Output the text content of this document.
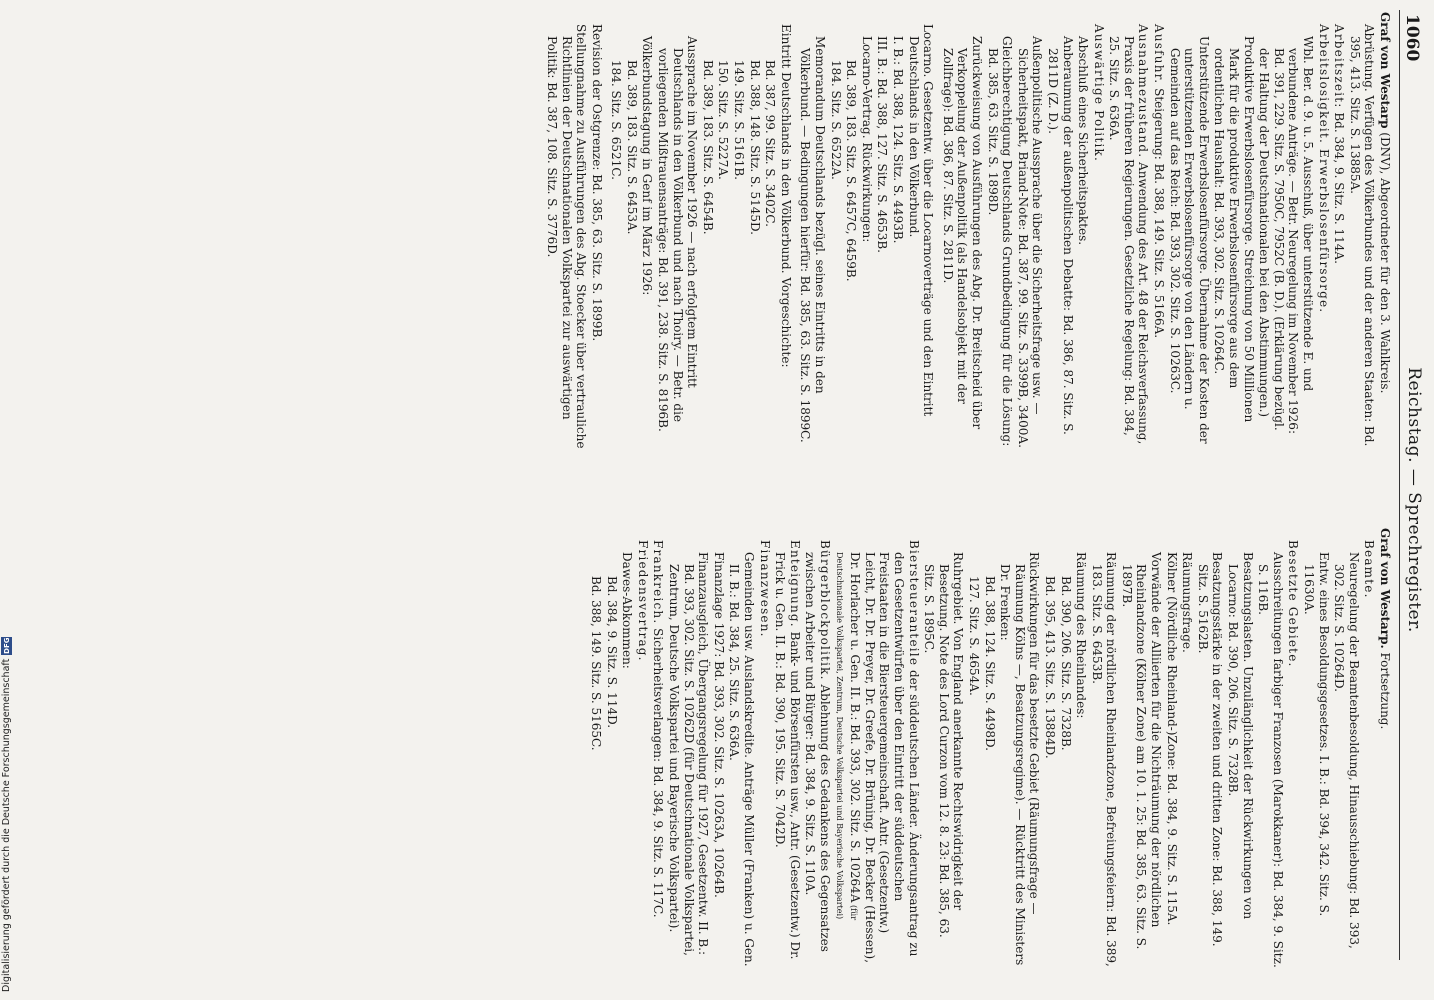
1060
Reichstag. — Sprechregister.
Graf von Westarp (DNV), Abgeordneter für den 3. Wahlkreis.
Abrüstung. Verfügen des Völkerbundes und der anderen Staaten: Bd. 395, 413. Sitz. S. 13885A.
Arbeitszeit: Bd. 384, 9. Sitz. S. 114A.
Arbeitslosigkeit. Erwerbslosenfürsorge.
Wbl. Ber. d. 9. u. 5. Ausschuß, über unterstützende E. und verbundene Anträge. — Betr. Neuregelung im November 1926: Bd. 391, 229. Sitz. S. 7950C, 7952C (B. D.). (Erklärung bezügl. der Haltung der Deutschnationalen bei den Abstimmungen.)
Produktive Erwerbslosenfürsorge. Streichung von 50 Millionen Mark für die produktive Erwerbslosenfürsorge aus dem ordentlichen Haushalt: Bd. 393, 302. Sitz. S. 10264C.
Unterstützende Erwerbslosenfürsorge. Übernahme der Kosten der unterstützenden Erwerbslosenfürsorge von den Ländern u. Gemeinden auf das Reich: Bd. 393, 302. Sitz. S. 10263C.
Ausfuhr. Steigerung: Bd. 388, 149. Sitz. S. 5166A.
Ausnahmezustand. Anwendung des Art. 48 der Reichsverfassung, Praxis der früheren Regierungen. Gesetzliche Regelung: Bd. 384, 25. Sitz. S. 636A.
Auswärtige Politik.
Abschluß eines Sicherheitspaktes.
Anberaumung der außenpolitischen Debatte: Bd. 386, 87. Sitz. S. 2811D (Z. D.).
Außenpolitische Aussprache über die Sicherheitsfrage usw. — Sicherheitspakt, Briand-Note: Bd. 387, 99. Sitz. S. 3399B, 3400A.
Gleichberechtigung Deutschlands Grundbedingung für die Lösung: Bd. 385, 63. Sitz. S. 1898D.
Zurückweisung von Ausführungen des Abg. Dr. Breitscheid über Verkoppelung der Außenpolitik (als Handelsobjekt mit der Zollfrage): Bd. 386, 87. Sitz. S. 2811D.
Locarno. Gesetzentw. über die Locarnoverträge und den Eintritt Deutschlands in den Völkerbund.
I. B.: Bd. 388, 124. Sitz. S. 4493B.
III. B.: Bd. 388, 127. Sitz. S. 4653B.
Locarno-Vertrag. Rückwirkungen:
Bd. 389, 183. Sitz. S. 6457C, 6459B.
184. Sitz. S. 6522A.
Memorandum Deutschlands bezügl. seines Eintritts in den Völkerbund. — Bedingungen hierfür: Bd. 385, 63. Sitz. S. 1899C.
Eintritt Deutschlands in den Völkerbund. Vorgeschichte:
Bd. 387, 99. Sitz. S. 3402C.
Bd. 388, 148. Sitz. S. 5145D.
149. Sitz. S. 5161B.
150. Sitz. S. 5227A.
Bd. 389, 183. Sitz. S. 6454B.
Aussprache im November 1926 — nach erfolgtem Eintritt Deutschlands in den Völkerbund und nach Thoiry. — Betr. die vorliegenden Mißtrauensanträge: Bd. 391, 238. Sitz. S. 8196B.
Völkerbundstagung in Genf im März 1926:
Bd. 389, 183. Sitz. S. 6453A.
184. Sitz. S. 6521C.
Revision der Ostgrenze: Bd. 385, 63. Sitz. S. 1899B.
Stellungnahme zu Ausführungen des Abg. Stoecker über vertrauliche Richtlinien der Deutschnationalen Volkspartei zur auswärtigen Politik: Bd. 387, 108. Sitz. S. 3776D.
Graf von Westarp. Fortsetzung.
Beamte.
Neuregelung der Beamtenbesoldung, Hinausschiebung: Bd. 393, 302. Sitz. S. 10264D.
Entw. eines Besoldungsgesetzes. I. B.: Bd. 394, 342. Sitz. S. 11630A.
Besetzte Gebiete.
Ausschreitungen farbiger Franzosen (Marokkaner): Bd. 384, 9. Sitz. S. 116B.
Besatzungslasten. Unzulänglichkeit der Rückwirkungen von Locarno: Bd. 390, 206. Sitz. S. 7328B.
Besatzungsstärke in der zweiten und dritten Zone: Bd. 388, 149. Sitz. S. 5162B.
Räumungsfrage.
Kölner (Nördliche Rheinland-)Zone: Bd. 384, 9. Sitz. S. 115A.
Vorwände der Alliierten für die Nichträumung der nördlichen Rheinlandzone (Kölner Zone) am 10. 1. 25: Bd. 385, 63. Sitz. S. 1897B.
Räumung der nördlichen Rheinlandzone, Befreiungsfeiern: Bd. 389, 183. Sitz. S. 6453B.
Räumung des Rheinlandes:
Bd. 390, 206. Sitz. S. 7328B.
Bd. 395, 413. Sitz. S. 13884D.
Rückwirkungen für das besetzte Gebiet (Räumungsfrage — Räumung Kölns —, Besatzungsregime). — Rücktritt des Ministers Dr. Frenken:
Bd. 388, 124. Sitz. S. 4498D.
127. Sitz. S. 4654A.
Ruhrgebiet. Von England anerkannte Rechtswidrigkeit der Besetzung. Note des Lord Curzon vom 12. 8. 23: Bd. 385, 63. Sitz. S. 1895C.
Biersteueranteile der süddeutschen Länder. Änderungsantrag zu den Gesetzentwürfen über den Eintritt der süddeutschen Freistaaten in die Biersteuergemeinschaft. Antr. (Gesetzentw.) Leicht, Dr. Dr. Preyer, Dr. Greefe, Dr. Brüning, Dr. Becker (Hessen), Dr. Horlacher u. Gen. II. B.: Bd. 393, 302. Sitz. S. 10264A (für Deutschnationale Volkspartei, Zentrum, Deutsche Volkspartei und Bayerische Volkspartei)
Bürgerblockpolitik. Ablehnung des Gedankens des Gegensatzes zwischen Arbeiter und Bürger: Bd. 384, 9. Sitz. S. 110A.
Enteignung. Bank- und Börsenfürsten usw., Antr. (Gesetzentw.) Dr. Frick u. Gen. II. B.: Bd. 390, 195. Sitz. S. 7042D.
Finanzwesen.
Gemeinden usw. Auslandskredite. Anträge Müller (Franken) u. Gen. II. B.: Bd. 384, 25. Sitz. S. 636A.
Finanzlage 1927: Bd. 393, 302. Sitz. S. 10263A, 10264B.
Finanzausgleich, Übergangsregelung für 1927, Gesetzentw. II. B.: Bd. 393, 302. Sitz. S. 10262D (für Deutschnationale Volkspartei, Zentrum, Deutsche Volkspartei und Bayerische Volkspartei).
Frankreich. Sicherheitsverlangen: Bd. 384, 9. Sitz. S. 117C.
Friedensvertrag.
Dawes-Abkommen:
Bd. 384, 9. Sitz. S. 114D.
Bd. 388, 149. Sitz. S. 5165C.
Digitalisierung gefördert durch die Deutsche Forschungsgemeinschaft
DFG
